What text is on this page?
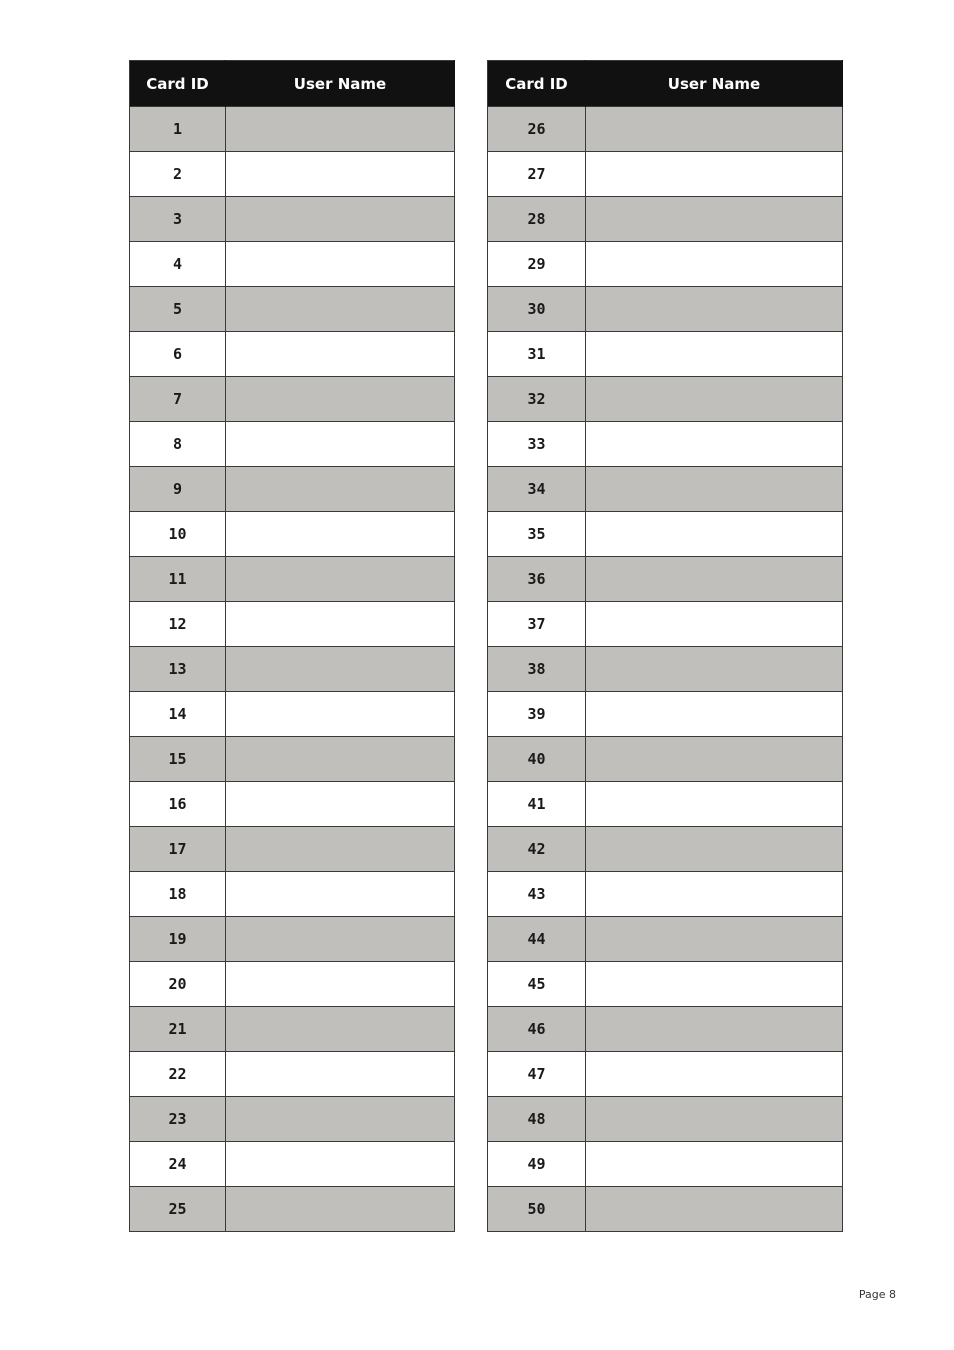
Card ID	User Name
1	
2	
3	
4	
5	
6	
7	
8	
9	
10	
11	
12	
13	
14	
15	
16	
17	
18	
19	
20	
21	
22	
23	
24	
25	
Card ID	User Name
26	
27	
28	
29	
30	
31	
32	
33	
34	
35	
36	
37	
38	
39	
40	
41	
42	
43	
44	
45	
46	
47	
48	
49	
50	
Page 8
